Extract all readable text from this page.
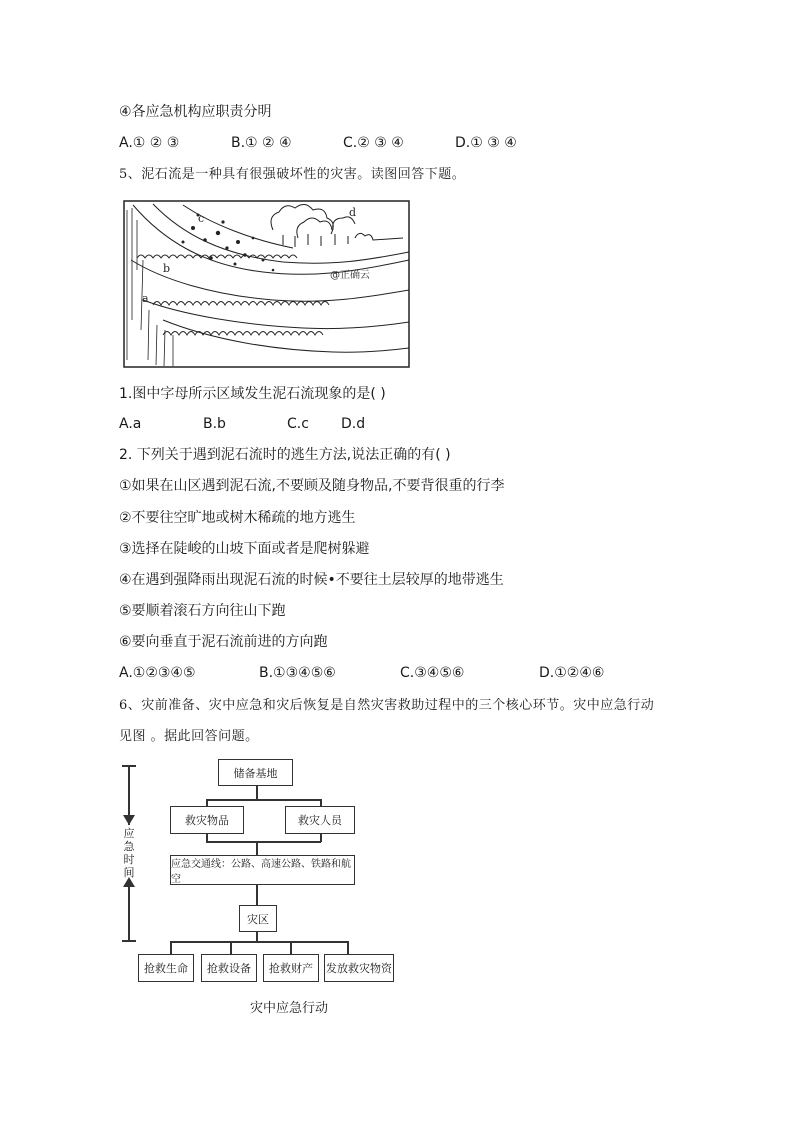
④各应急机构应职责分明
A.① ② ③	B.① ② ④	C.② ③ ④	D.① ③ ④
5、泥石流是一种具有很强破坏性的灾害。读图回答下题。
a
b
c	d
@正确云
1.图中字母所示区域发生泥石流现象的是( )
A.a	B.b	C.c D.d
2. 下列关于遇到泥石流时的逃生方法,说法正确的有( )
①如果在山区遇到泥石流,不要顾及随身物品,不要背很重的行李
②不要往空旷地或树木稀疏的地方逃生
③选择在陡峻的山坡下面或者是爬树躲避
④在遇到强降雨出现泥石流的时候•不要往土层较厚的地带逃生
⑤要顺着滚石方向往山下跑
⑥要向垂直于泥石流前进的方向跑
A.①②③④⑤	B.①③④⑤⑥	C.③④⑤⑥	D.①②④⑥
6、灾前准备、灾中应急和灾后恢复是自然灾害救助过程中的三个核心环节。灾中应急行动
见图 。据此回答问题。
应急时间
储备基地
救灾物品	救灾人员
应急交通线：公路、高速公路、铁路和航空
灾区
抢救生命	抢救设备	抢救财产	发放救灾物资
灾中应急行动
